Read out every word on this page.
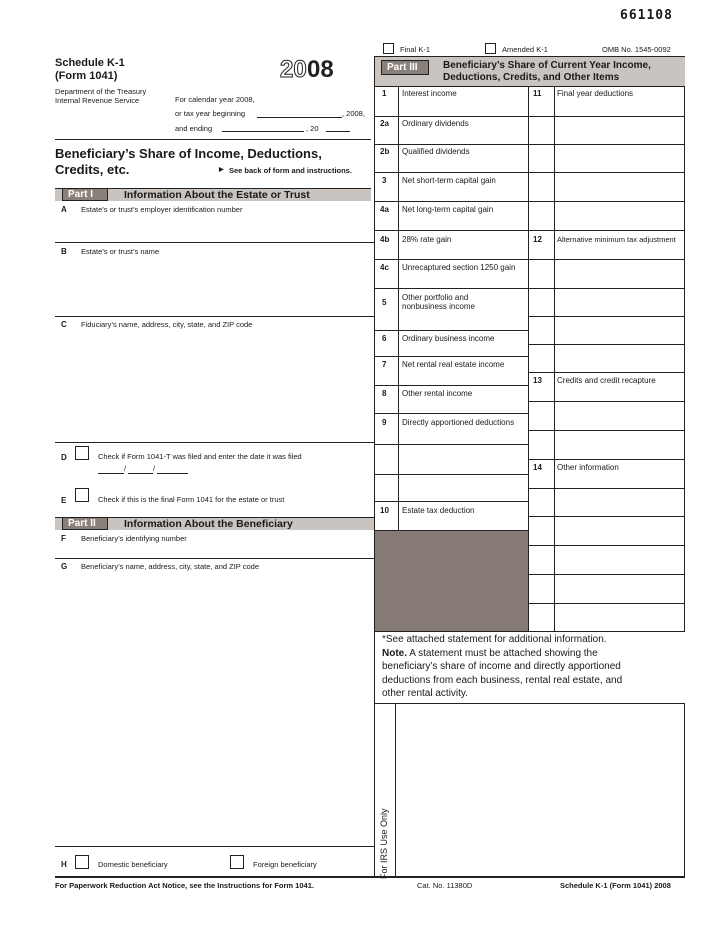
661108
Final K-1	Amended K-1	OMB No. 1545-0092
Schedule K-1
(Form 1041)
Department of the Treasury
Internal Revenue Service
20 08
For calendar year 2008,
or tax year beginning	, 2008,
and ending	, 20
Beneficiary’s Share of Income, Deductions,
Credits, etc.	▶ See back of form and instructions.
Part I	Information About the Estate or Trust
A Estate’s or trust’s employer identification number
B Estate’s or trust’s name
C Fiduciary’s name, address, city, state, and ZIP code
D	Check if Form 1041-T was filed and enter the date it was filed
/	/
E	Check if this is the final Form 1041 for the estate or trust
Part II	Information About the Beneficiary
F Beneficiary’s identifying number
G Beneficiary’s name, address, city, state, and ZIP code
H	Domestic beneficiary	Foreign beneficiary
Part III	Beneficiary’s Share of Current Year Income,
Deductions, Credits, and Other Items
1 Interest income
2a Ordinary dividends
2b Qualified dividends
3 Net short-term capital gain
4a Net long-term capital gain
4b 28% rate gain
4c Unrecaptured section 1250 gain
5
Other portfolio and
nonbusiness income
6 Ordinary business income
7 Net rental real estate income
8 Other rental income
9 Directly apportioned deductions
10 Estate tax deduction
11 Final year deductions
12 Alternative minimum tax adjustment
13 Credits and credit recapture
14 Other information
*See attached statement for additional information.
Note. A statement must be attached showing the
beneficiary’s share of income and directly apportioned
deductions from each business, rental real estate, and
other rental activity.
For IRS Use Only
For Paperwork Reduction Act Notice, see the Instructions for Form 1041.	Cat. No. 11380D	Schedule K-1 (Form 1041) 2008
